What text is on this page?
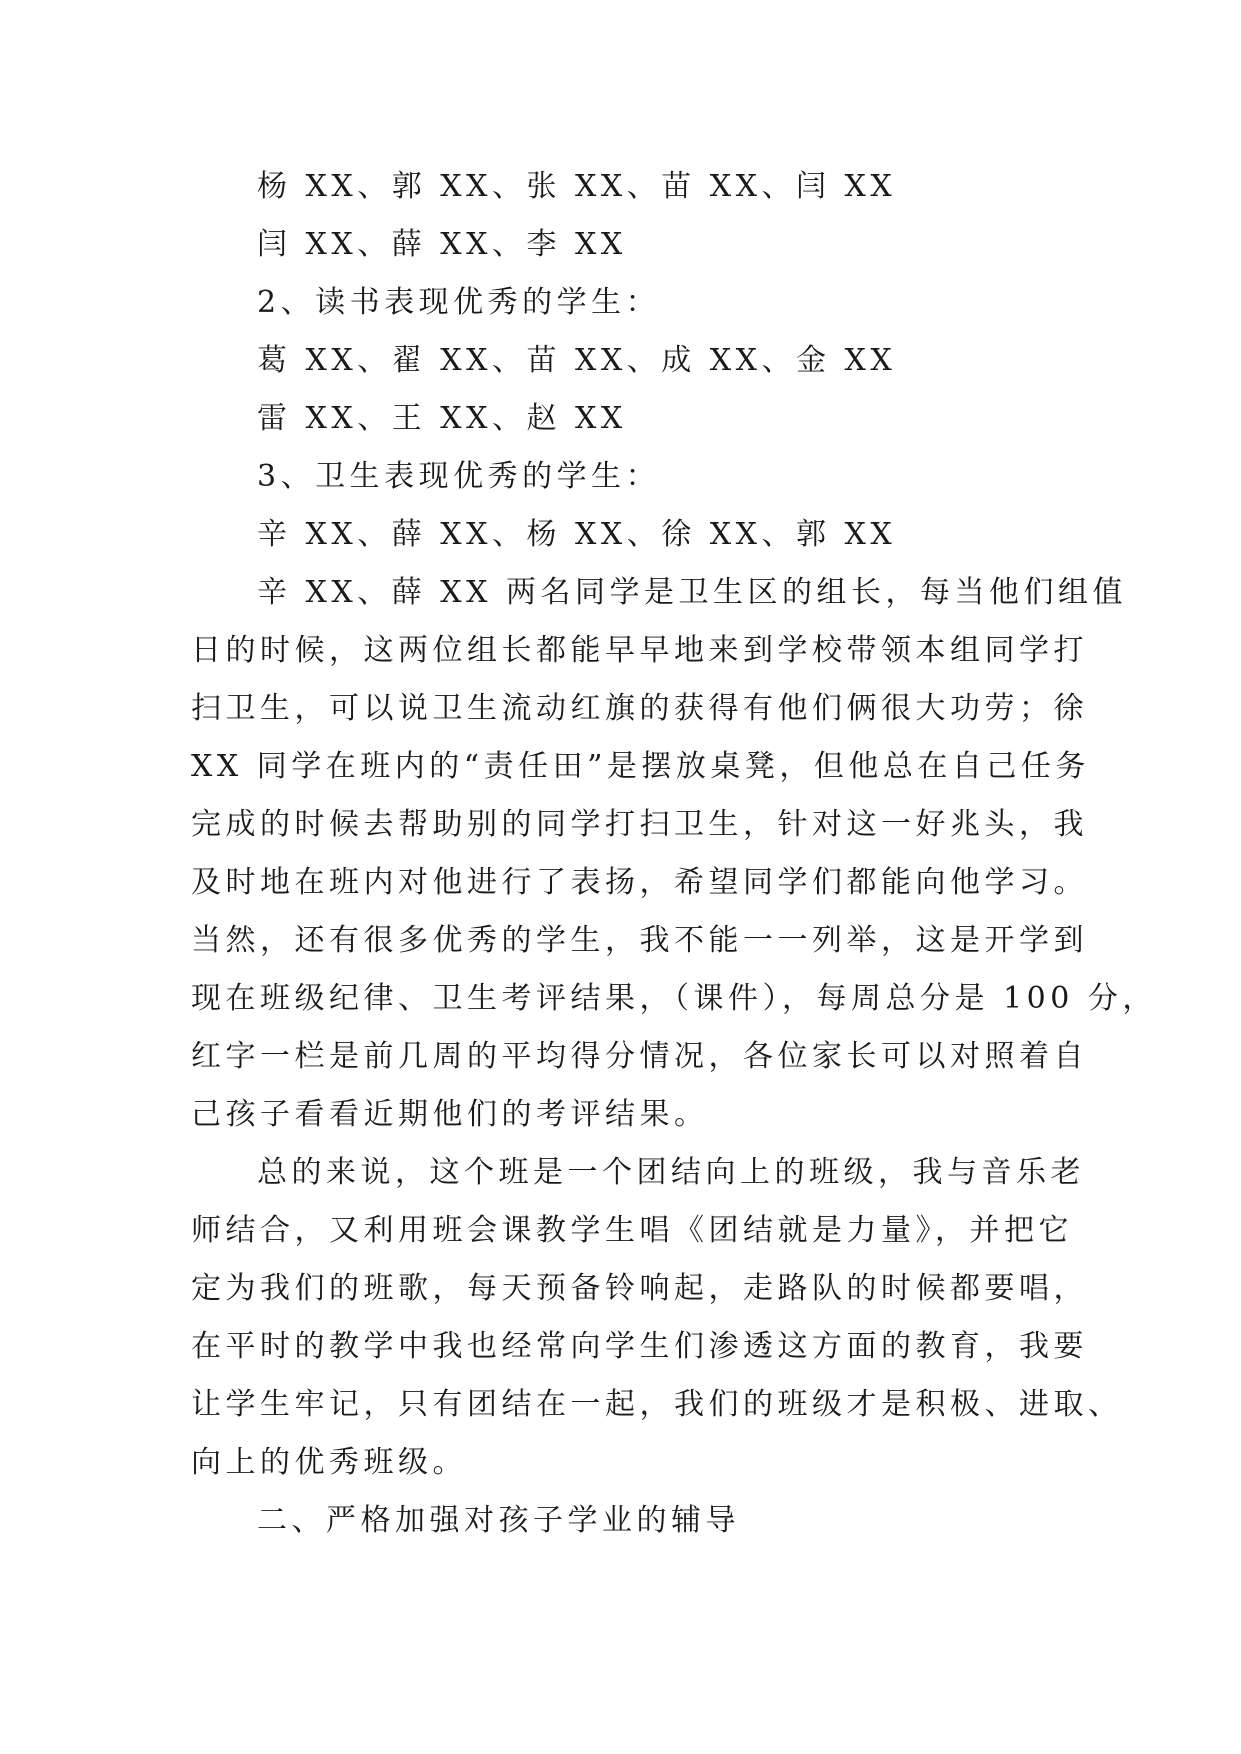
杨 XX、郭 XX、张 XX、苗 XX、闫 XX
闫 XX、薛 XX、李 XX
2、读书表现优秀的学生：
葛 XX、翟 XX、苗 XX、成 XX、金 XX
雷 XX、王 XX、赵 XX
3、卫生表现优秀的学生：
辛 XX、薛 XX、杨 XX、徐 XX、郭 XX
辛 XX、薛 XX 两名同学是卫生区的组长，每当他们组值
日的时候，这两位组长都能早早地来到学校带领本组同学打
扫卫生，可以说卫生流动红旗的获得有他们俩很大功劳；徐
XX 同学在班内的“责任田”是摆放桌凳，但他总在自己任务
完成的时候去帮助别的同学打扫卫生，针对这一好兆头，我
及时地在班内对他进行了表扬，希望同学们都能向他学习。
当然，还有很多优秀的学生，我不能一一列举，这是开学到
现在班级纪律、卫生考评结果，（课件），每周总分是 100 分，
红字一栏是前几周的平均得分情况，各位家长可以对照着自
己孩子看看近期他们的考评结果。
总的来说，这个班是一个团结向上的班级，我与音乐老
师结合，又利用班会课教学生唱《团结就是力量》，并把它
定为我们的班歌，每天预备铃响起，走路队的时候都要唱，
在平时的教学中我也经常向学生们渗透这方面的教育，我要
让学生牢记，只有团结在一起，我们的班级才是积极、进取、
向上的优秀班级。
二、严格加强对孩子学业的辅导
